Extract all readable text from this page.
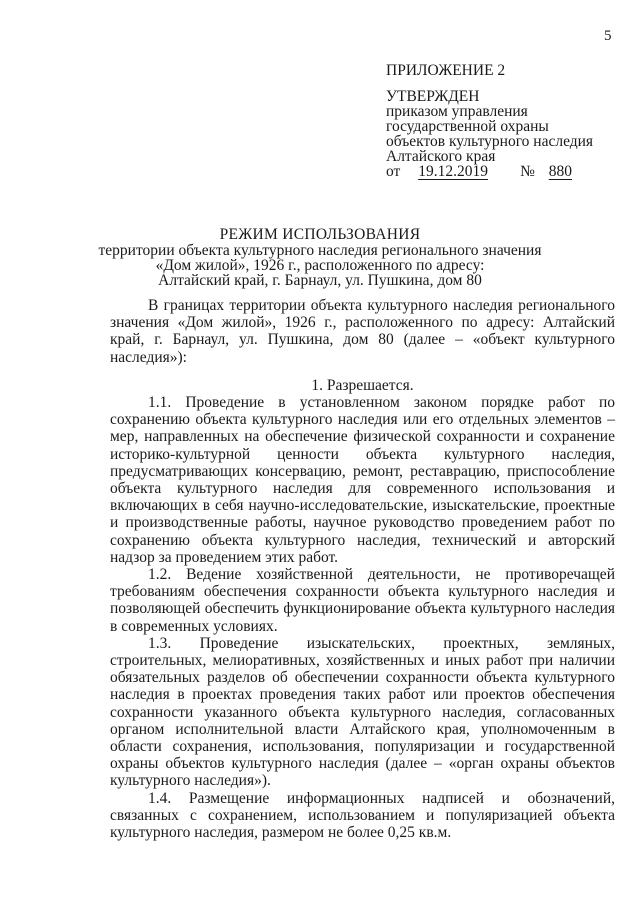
5
ПРИЛОЖЕНИЕ 2
УТВЕРЖДЕН
приказом управления
государственной охраны
объектов культурного наследия
Алтайского края
от 19.12.2019 № 880
РЕЖИМ ИСПОЛЬЗОВАНИЯ
территории объекта культурного наследия регионального значения
«Дом жилой», 1926 г., расположенного по адресу:
Алтайский край, г. Барнаул, ул. Пушкина, дом 80

В границах территории объекта культурного наследия регионального значения «Дом жилой», 1926 г., расположенного по адресу: Алтайский край, г. Барнаул, ул. Пушкина, дом 80 (далее – «объект культурного наследия»):

1. Разрешается.

1.1. Проведение в установленном законом порядке работ по сохранению объекта культурного наследия или его отдельных элементов – мер, направленных на обеспечение физической сохранности и сохранение историко-культурной ценности объекта культурного наследия, предусматривающих консервацию, ремонт, реставрацию, приспособление объекта культурного наследия для современного использования и включающих в себя научно-исследовательские, изыскательские, проектные и производственные работы, научное руководство проведением работ по сохранению объекта культурного наследия, технический и авторский надзор за проведением этих работ.

1.2. Ведение хозяйственной деятельности, не противоречащей требованиям обеспечения сохранности объекта культурного наследия и позволяющей обеспечить функционирование объекта культурного наследия в современных условиях.

1.3. Проведение изыскательских, проектных, земляных, строительных, мелиоративных, хозяйственных и иных работ при наличии обязательных разделов об обеспечении сохранности объекта культурного наследия в проектах проведения таких работ или проектов обеспечения сохранности указанного объекта культурного наследия, согласованных органом исполнительной власти Алтайского края, уполномоченным в области сохранения, использования, популяризации и государственной охраны объектов культурного наследия (далее – «орган охраны объектов культурного наследия»).

1.4. Размещение информационных надписей и обозначений, связанных с сохранением, использованием и популяризацией объекта культурного наследия, размером не более 0,25 кв.м.
